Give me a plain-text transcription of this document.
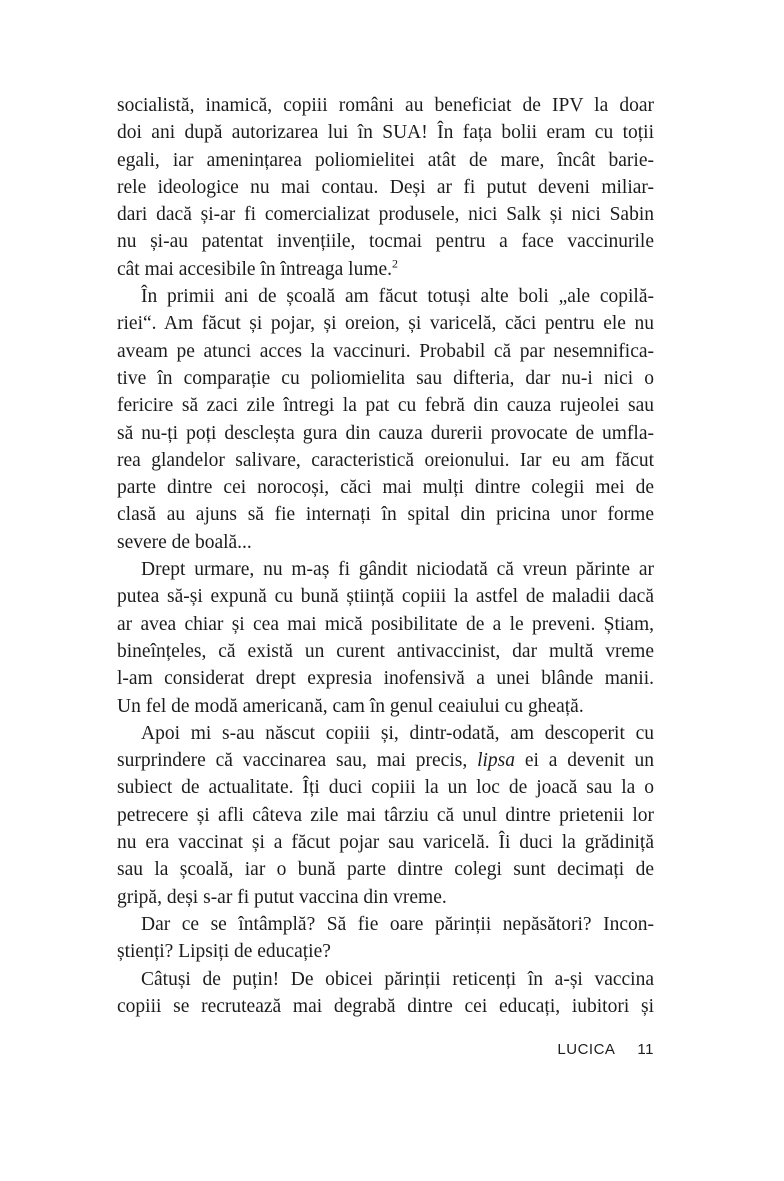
socialistă, inamică, copiii români au beneficiat de IPV la doar
doi ani după autorizarea lui în SUA! În fața bolii eram cu toții
egali, iar amenințarea poliomielitei atât de mare, încât barie-
rele ideologice nu mai contau. Deși ar fi putut deveni miliar-
dari dacă și-ar fi comercializat produsele, nici Salk și nici Sabin
nu și-au patentat invențiile, tocmai pentru a face vaccinurile
cât mai accesibile în întreaga lume.$^2$
În primii ani de școală am făcut totuși alte boli „ale copilă-
riei“. Am făcut și pojar, și oreion, și varicelă, căci pentru ele nu
aveam pe atunci acces la vaccinuri. Probabil că par nesemnifica-
tive în comparație cu poliomielita sau difteria, dar nu-i nici o
fericire să zaci zile întregi la pat cu febră din cauza rujeolei sau
să nu-ți poți descleșta gura din cauza durerii provocate de umfla-
rea glandelor salivare, caracteristică oreionului. Iar eu am făcut
parte dintre cei norocoși, căci mai mulți dintre colegii mei de
clasă au ajuns să fie internați în spital din pricina unor forme
severe de boală...
Drept urmare, nu m-aș fi gândit niciodată că vreun părinte ar
putea să-și expună cu bună știință copiii la astfel de maladii dacă
ar avea chiar și cea mai mică posibilitate de a le preveni. Știam,
bineînțeles, că există un curent antivaccinist, dar multă vreme
l-am considerat drept expresia inofensivă a unei blânde manii.
Un fel de modă americană, cam în genul ceaiului cu gheață.
Apoi mi s-au născut copiii și, dintr-odată, am descoperit cu
surprindere că vaccinarea sau, mai precis, lipsa ei a devenit un
subiect de actualitate. Îți duci copiii la un loc de joacă sau la o
petrecere și afli câteva zile mai târziu că unul dintre prietenii lor
nu era vaccinat și a făcut pojar sau varicelă. Îi duci la grădiniță
sau la școală, iar o bună parte dintre colegi sunt decimați de
gripă, deși s-ar fi putut vaccina din vreme.
Dar ce se întâmplă? Să fie oare părinții nepăsători? Incon-
știenți? Lipsiți de educație?
Câtuși de puțin! De obicei părinții reticenți în a-și vaccina
copiii se recrutează mai degrabă dintre cei educați, iubitori și
LUCICA 11
